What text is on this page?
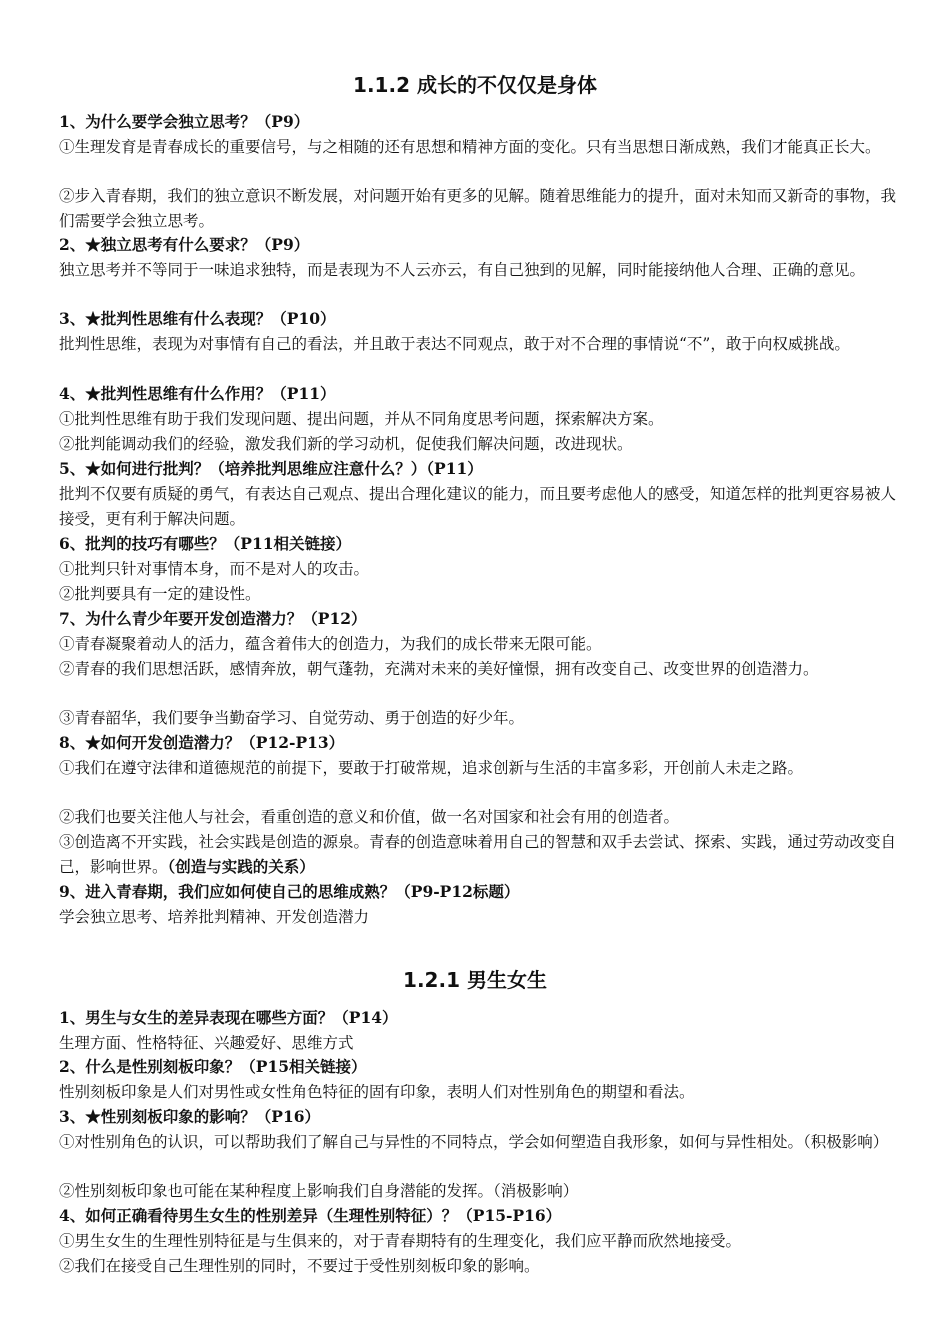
1.1.2 成长的不仅仅是身体

1、为什么要学会独立思考？（P9）

①生理发育是青春成长的重要信号，与之相随的还有思想和精神方面的变化。只有当思想日渐成熟，我们才能真正长大。

②步入青春期，我们的独立意识不断发展，对问题开始有更多的见解。随着思维能力的提升，面对未知而又新奇的事物，我们需要学会独立思考。

2、★独立思考有什么要求？（P9）

独立思考并不等同于一味追求独特，而是表现为不人云亦云，有自己独到的见解，同时能接纳他人合理、正确的意见。

3、★批判性思维有什么表现？（P10）

批判性思维，表现为对事情有自己的看法，并且敢于表达不同观点，敢于对不合理的事情说“不”，敢于向权威挑战。

4、★批判性思维有什么作用？（P11）

①批判性思维有助于我们发现问题、提出问题，并从不同角度思考问题，探索解决方案。

②批判能调动我们的经验，激发我们新的学习动机，促使我们解决问题，改进现状。

5、★如何进行批判？（培养批判思维应注意什么？）（P11）

批判不仅要有质疑的勇气，有表达自己观点、提出合理化建议的能力，而且要考虑他人的感受，知道怎样的批判更容易被人接受，更有利于解决问题。

6、批判的技巧有哪些？（P11相关链接）

①批判只针对事情本身，而不是对人的攻击。

②批判要具有一定的建设性。

7、为什么青少年要开发创造潜力？（P12）

①青春凝聚着动人的活力，蕴含着伟大的创造力，为我们的成长带来无限可能。

②青春的我们思想活跃，感情奔放，朝气蓬勃，充满对未来的美好憧憬，拥有改变自己、改变世界的创造潜力。

③青春韶华，我们要争当勤奋学习、自觉劳动、勇于创造的好少年。

8、★如何开发创造潜力？（P12-P13）

①我们在遵守法律和道德规范的前提下，要敢于打破常规，追求创新与生活的丰富多彩，开创前人未走之路。

②我们也要关注他人与社会，看重创造的意义和价值，做一名对国家和社会有用的创造者。

③创造离不开实践，社会实践是创造的源泉。青春的创造意味着用自己的智慧和双手去尝试、探索、实践，通过劳动改变自己，影响世界。（创造与实践的关系）

9、进入青春期，我们应如何使自己的思维成熟？（P9-P12标题）

学会独立思考、培养批判精神、开发创造潜力

1.2.1 男生女生

1、男生与女生的差异表现在哪些方面？（P14）

生理方面、性格特征、兴趣爱好、思维方式

2、什么是性别刻板印象？（P15相关链接）

性别刻板印象是人们对男性或女性角色特征的固有印象，表明人们对性别角色的期望和看法。

3、★性别刻板印象的影响？（P16）

①对性别角色的认识，可以帮助我们了解自己与异性的不同特点，学会如何塑造自我形象，如何与异性相处。（积极影响）

②性别刻板印象也可能在某种程度上影响我们自身潜能的发挥。（消极影响）

4、如何正确看待男生女生的性别差异（生理性别特征）？（P15-P16）

①男生女生的生理性别特征是与生俱来的，对于青春期特有的生理变化，我们应平静而欣然地接受。

②我们在接受自己生理性别的同时，不要过于受性别刻板印象的影响。
